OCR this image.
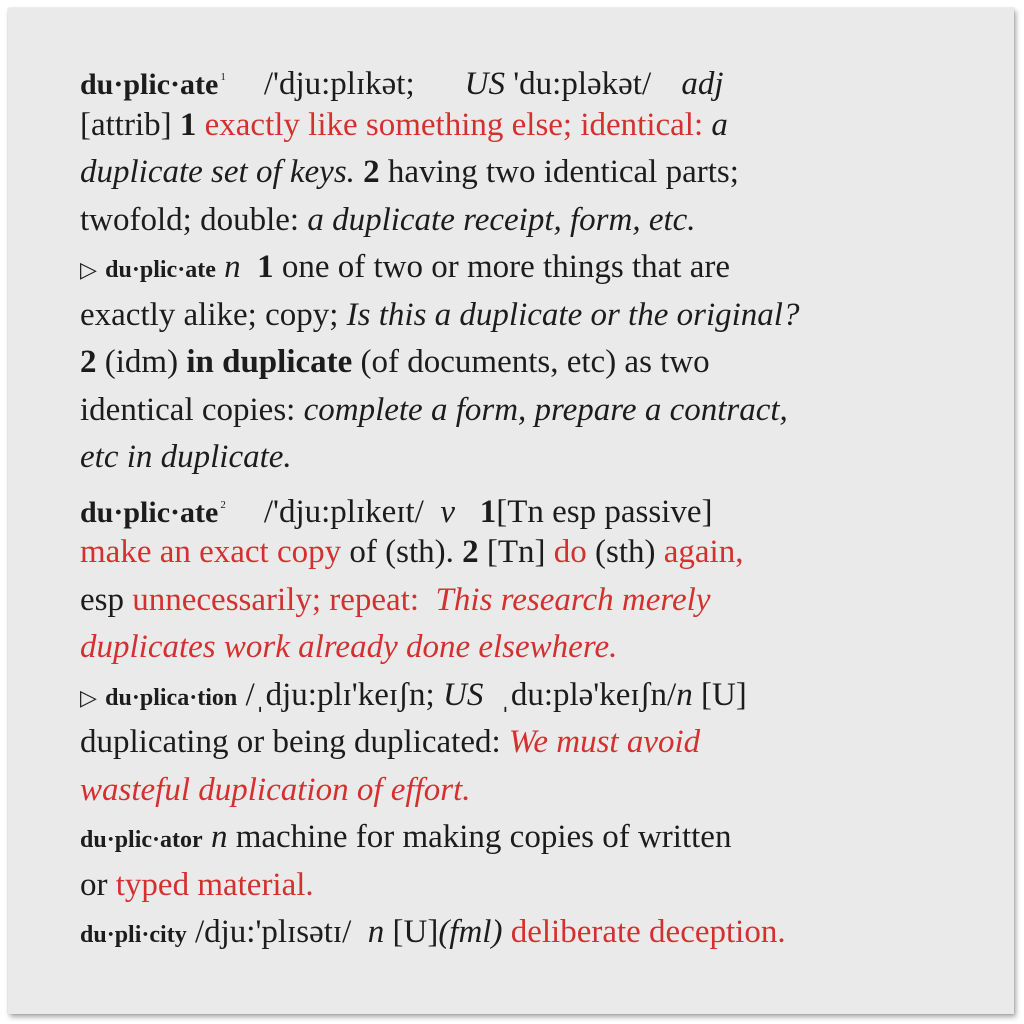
du·plic·ate $^1$ /'dju:plɪkət; US 'du:pləkət/ adj
[attrib] 1 exactly like something else; identical: a
duplicate set of keys. 2 having two identical parts;
twofold; double: a duplicate receipt, form, etc.
▷ du·plic·ate n 1 one of two or more things that are
exactly alike; copy; Is this a duplicate or the original?
2 (idm) in duplicate (of documents, etc) as two
identical copies: complete a form, prepare a contract,
etc in duplicate.
du·plic·ate $^2$ /'dju:plɪkeɪt/ v 1[Tn esp passive]
make an exact copy of (sth). 2 [Tn] do (sth) again,
esp unnecessarily; repeat: This research merely
duplicates work already done elsewhere.
▷ du·plica·tion /ˌdju:plɪ'keɪʃn; US ˌdu:plə'keɪʃn/n [U]
duplicating or being duplicated: We must avoid
wasteful duplication of effort.
du·plic·ator n machine for making copies of written
or typed material.
du·pli·city /dju:'plɪsətɪ/ n [U](fml) deliberate deception.
